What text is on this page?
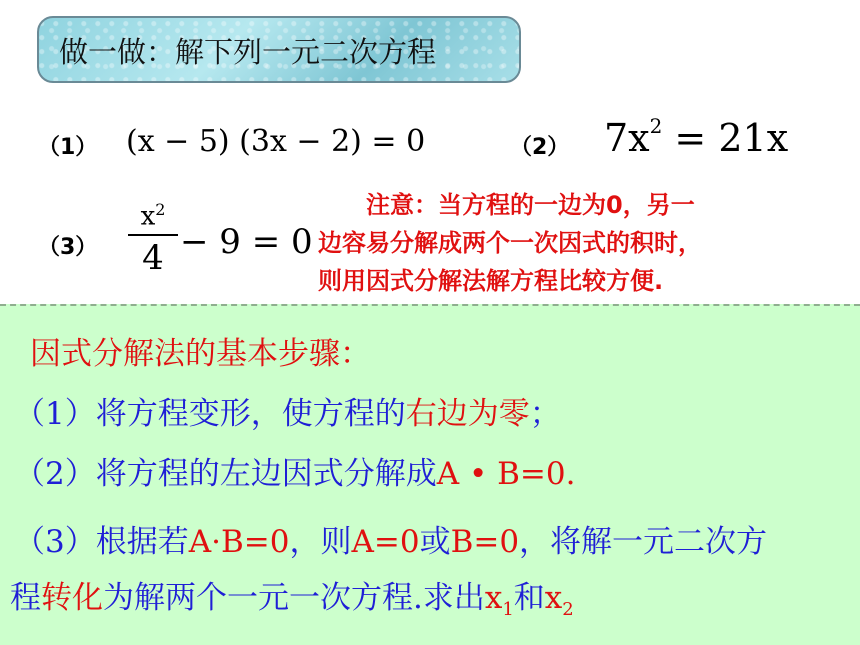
做一做：解下列一元二次方程
（1） (x − 5) (3x − 2) = 0	（2） $7x^2 = 21x$
（3）
$x^2$
4 − 9 = 0
注意：当方程的一边为0，另一
边容易分解成两个一次因式的积时，
则用因式分解法解方程比较方便.
因式分解法的基本步骤：
（1）将方程变形，使方程的右边为零；
（2）将方程的左边因式分解成A • B=0.
（3）根据若A·B=0，则A=0或B=0，将解一元二次方
程转化为解两个一元一次方程.求出$x_1$和$x_2$
